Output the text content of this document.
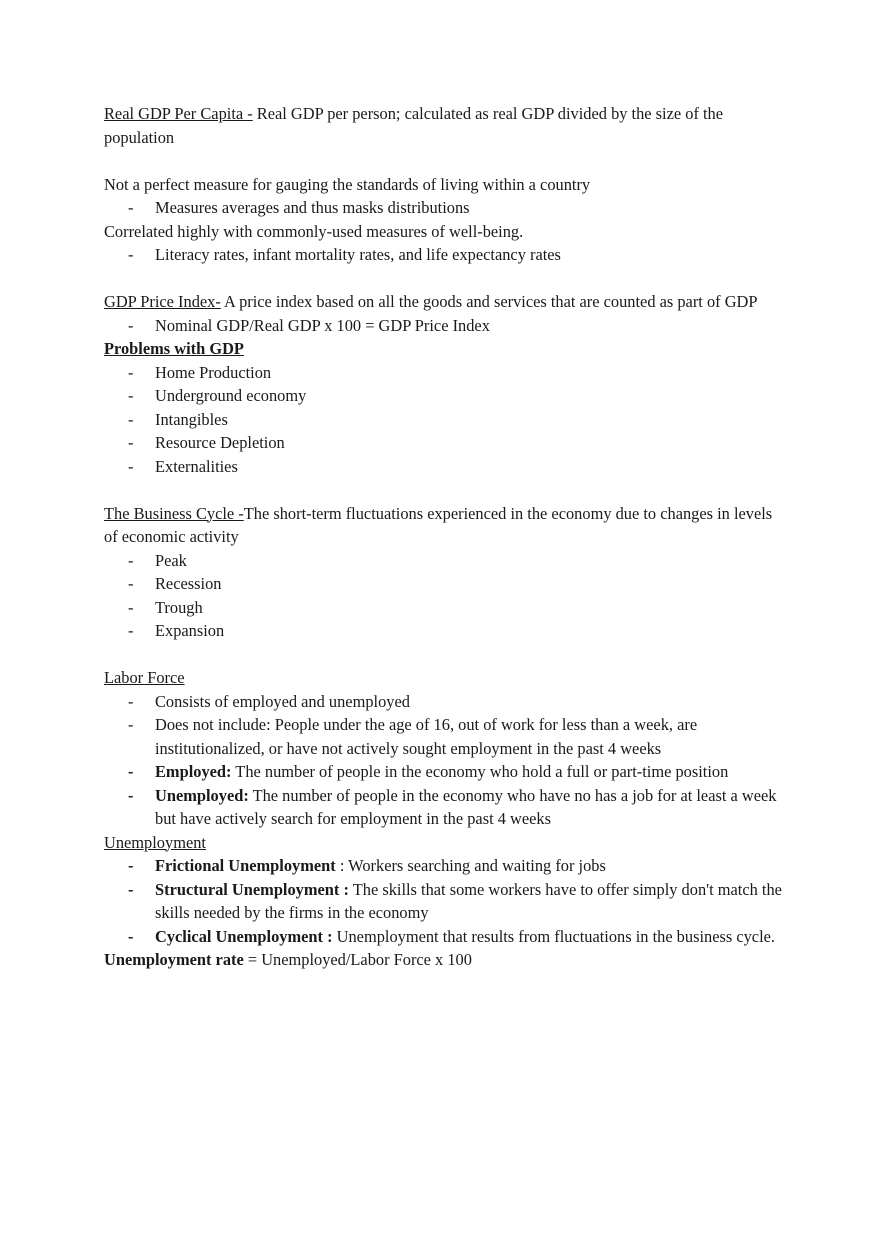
Real GDP Per Capita - Real GDP per person; calculated as real GDP divided by the size of the population

Not a perfect measure for gauging the standards of living within a country

- Measures averages and thus masks distributions

Correlated highly with commonly-used measures of well-being.

- Literacy rates, infant mortality rates, and life expectancy rates

GDP Price Index- A price index based on all the goods and services that are counted as part of GDP

- Nominal GDP/Real GDP x 100 = GDP Price Index

Problems with GDP

- Home Production
- Underground economy
- Intangibles
- Resource Depletion
- Externalities

The Business Cycle -The short-term fluctuations experienced in the economy due to changes in levels of economic activity

- Peak
- Recession
- Trough
- Expansion

Labor Force

- Consists of employed and unemployed
- Does not include: People under the age of 16, out of work for less than a week, are institutionalized, or have not actively sought employment in the past 4 weeks
- Employed: The number of people in the economy who hold a full or part-time position
- Unemployed: The number of people in the economy who have no has a job for at least a week but have actively search for employment in the past 4 weeks

Unemployment

- Frictional Unemployment : Workers searching and waiting for jobs
- Structural Unemployment : The skills that some workers have to offer simply don't match the skills needed by the firms in the economy
- Cyclical Unemployment : Unemployment that results from fluctuations in the business cycle.

Unemployment rate = Unemployed/Labor Force x 100
